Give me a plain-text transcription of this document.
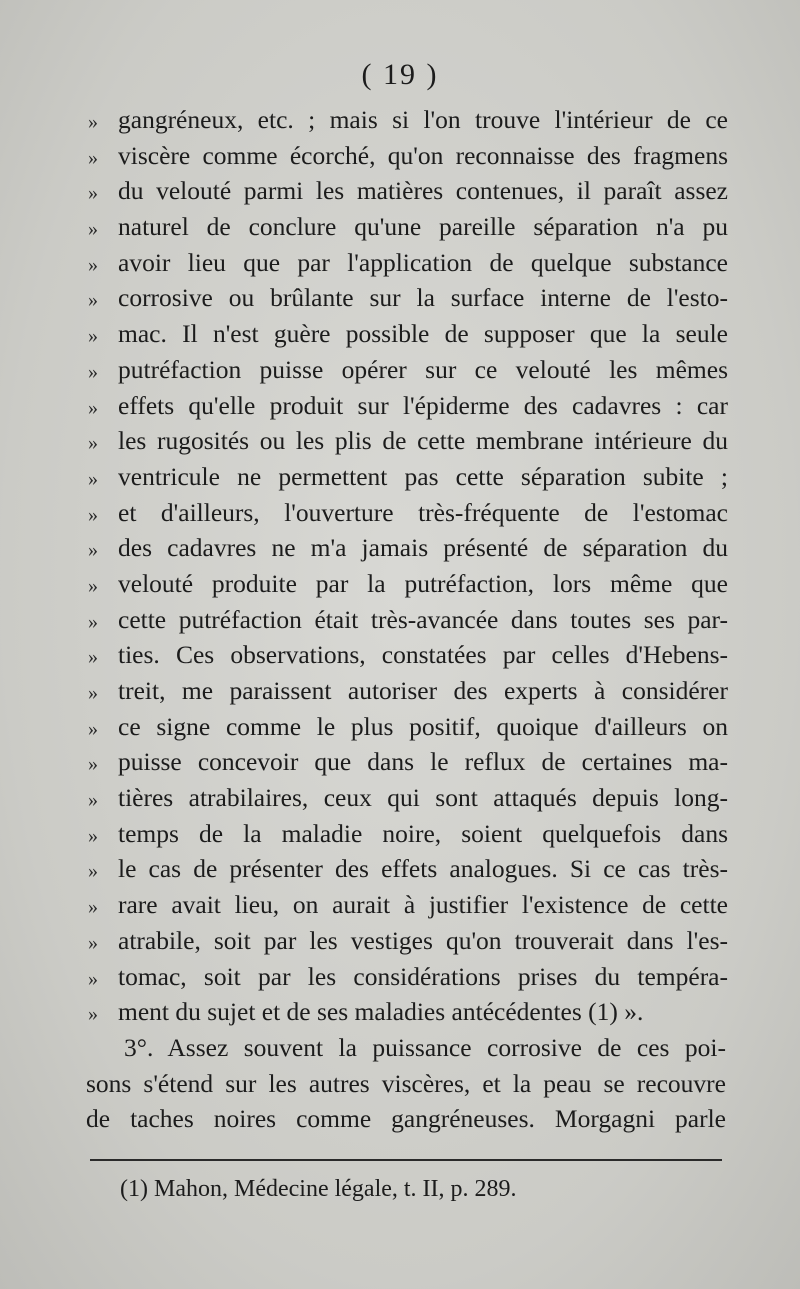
( 19 )
» gangréneux, etc. ; mais si l'on trouve l'intérieur de ce
» viscère comme écorché, qu'on reconnaisse des fragmens
» du velouté parmi les matières contenues, il paraît assez
» naturel de conclure qu'une pareille séparation n'a pu
» avoir lieu que par l'application de quelque substance
» corrosive ou brûlante sur la surface interne de l'esto-
» mac. Il n'est guère possible de supposer que la seule
» putréfaction puisse opérer sur ce velouté les mêmes
» effets qu'elle produit sur l'épiderme des cadavres : car
» les rugosités ou les plis de cette membrane intérieure du
» ventricule ne permettent pas cette séparation subite ;
» et d'ailleurs, l'ouverture très-fréquente de l'estomac
» des cadavres ne m'a jamais présenté de séparation du
» velouté produite par la putréfaction, lors même que
» cette putréfaction était très-avancée dans toutes ses par-
» ties. Ces observations, constatées par celles d'Hebens-
» treit, me paraissent autoriser des experts à considérer
» ce signe comme le plus positif, quoique d'ailleurs on
» puisse concevoir que dans le reflux de certaines ma-
» tières atrabilaires, ceux qui sont attaqués depuis long-
» temps de la maladie noire, soient quelquefois dans
» le cas de présenter des effets analogues. Si ce cas très-
» rare avait lieu, on aurait à justifier l'existence de cette
» atrabile, soit par les vestiges qu'on trouverait dans l'es-
» tomac, soit par les considérations prises du tempéra-
» ment du sujet et de ses maladies antécédentes (1) ».
3°. Assez souvent la puissance corrosive de ces poi-
sons s'étend sur les autres viscères, et la peau se recouvre
de taches noires comme gangréneuses. Morgagni parle
(1) Mahon, Médecine légale, t. II, p. 289.
